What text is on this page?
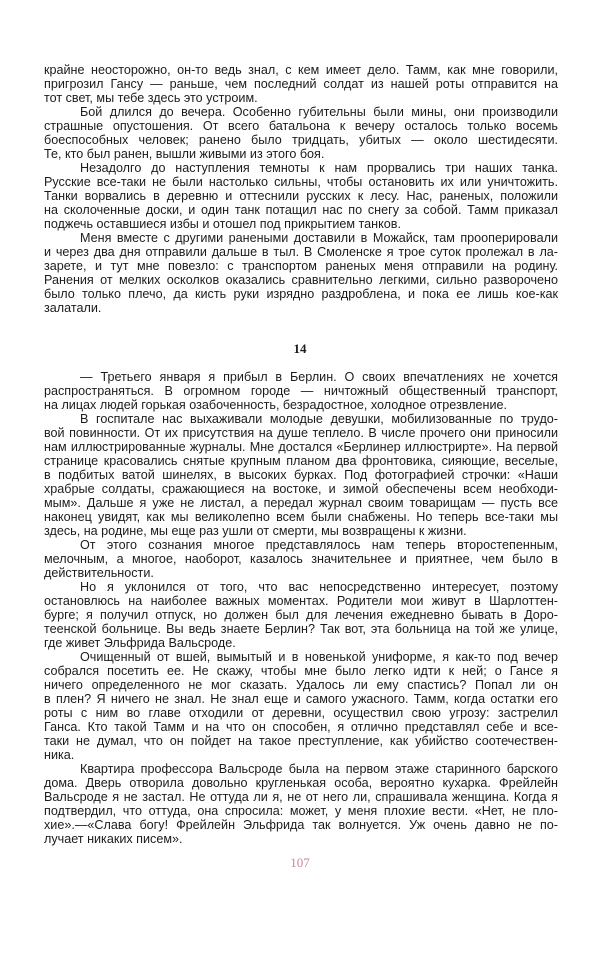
крайне неосторожно, он-то ведь знал, с кем имеет дело. Тамм, как мне говорили,
пригрозил Гансу — раньше, чем последний солдат из нашей роты отправится на
тот свет, мы тебе здесь это устроим.
Бой длился до вечера. Особенно губительны были мины, они производили
страшные опустошения. От всего батальона к вечеру осталось только восемь
боеспособных человек; ранено было тридцать, убитых — около шестидесяти.
Те, кто был ранен, вышли живыми из этого боя.
Незадолго до наступления темноты к нам прорвались три наших танка.
Русские все-таки не были настолько сильны, чтобы остановить их или уничтожить.
Танки ворвались в деревню и оттеснили русских к лесу. Нас, раненых, положили
на сколоченные доски, и один танк потащил нас по снегу за собой. Тамм приказал
поджечь оставшиеся избы и отошел под прикрытием танков.
Меня вместе с другими ранеными доставили в Можайск, там прооперировали
и через два дня отправили дальше в тыл. В Смоленске я трое суток пролежал в ла-
зарете, и тут мне повезло: с транспортом раненых меня отправили на родину.
Ранения от мелких осколков оказались сравнительно легкими, сильно разворочено
было только плечо, да кисть руки изрядно раздроблена, и пока ее лишь кое-как
залатали.
14
— Третьего января я прибыл в Берлин. О своих впечатлениях не хочется
распространяться. В огромном городе — ничтожный общественный транспорт,
на лицах людей горькая озабоченность, безрадостное, холодное отрезвление.
В госпитале нас выхаживали молодые девушки, мобилизованные по трудо-
вой повинности. От их присутствия на душе теплело. В числе прочего они приносили
нам иллюстрированные журналы. Мне достался «Берлинер иллюстрирте». На первой
странице красовались снятые крупным планом два фронтовика, сияющие, веселые,
в подбитых ватой шинелях, в высоких бурках. Под фотографией строчки: «Наши
храбрые солдаты, сражающиеся на востоке, и зимой обеспечены всем необходи-
мым». Дальше я уже не листал, а передал журнал своим товарищам — пусть все
наконец увидят, как мы великолепно всем были снабжены. Но теперь все-таки мы
здесь, на родине, мы еще раз ушли от смерти, мы возвращены к жизни.
От этого сознания многое представлялось нам теперь второстепенным,
мелочным, а многое, наоборот, казалось значительнее и приятнее, чем было в
действительности.
Но я уклонился от того, что вас непосредственно интересует, поэтому
остановлюсь на наиболее важных моментах. Родители мои живут в Шарлоттен-
бурге; я получил отпуск, но должен был для лечения ежедневно бывать в Доро-
теенской больнице. Вы ведь знаете Берлин? Так вот, эта больница на той же улице,
где живет Эльфрида Вальсроде.
Очищенный от вшей, вымытый и в новенькой униформе, я как-то под вечер
собрался посетить ее. Не скажу, чтобы мне было легко идти к ней; о Гансе я
ничего определенного не мог сказать. Удалось ли ему спастись? Попал ли он
в плен? Я ничего не знал. Не знал еще и самого ужасного. Тамм, когда остатки его
роты с ним во главе отходили от деревни, осуществил свою угрозу: застрелил
Ганса. Кто такой Тамм и на что он способен, я отлично представлял себе и все-
таки не думал, что он пойдет на такое преступление, как убийство соотечествен-
ника.
Квартира профессора Вальсроде была на первом этаже старинного барского
дома. Дверь отворила довольно кругленькая особа, вероятно кухарка. Фрейлейн
Вальсроде я не застал. Не оттуда ли я, не от него ли, спрашивала женщина. Когда я
подтвердил, что оттуда, она спросила: может, у меня плохие вести. «Нет, не пло-
хие».—«Слава богу! Фрейлейн Эльфрида так волнуется. Уж очень давно не по-
лучает никаких писем».
107
